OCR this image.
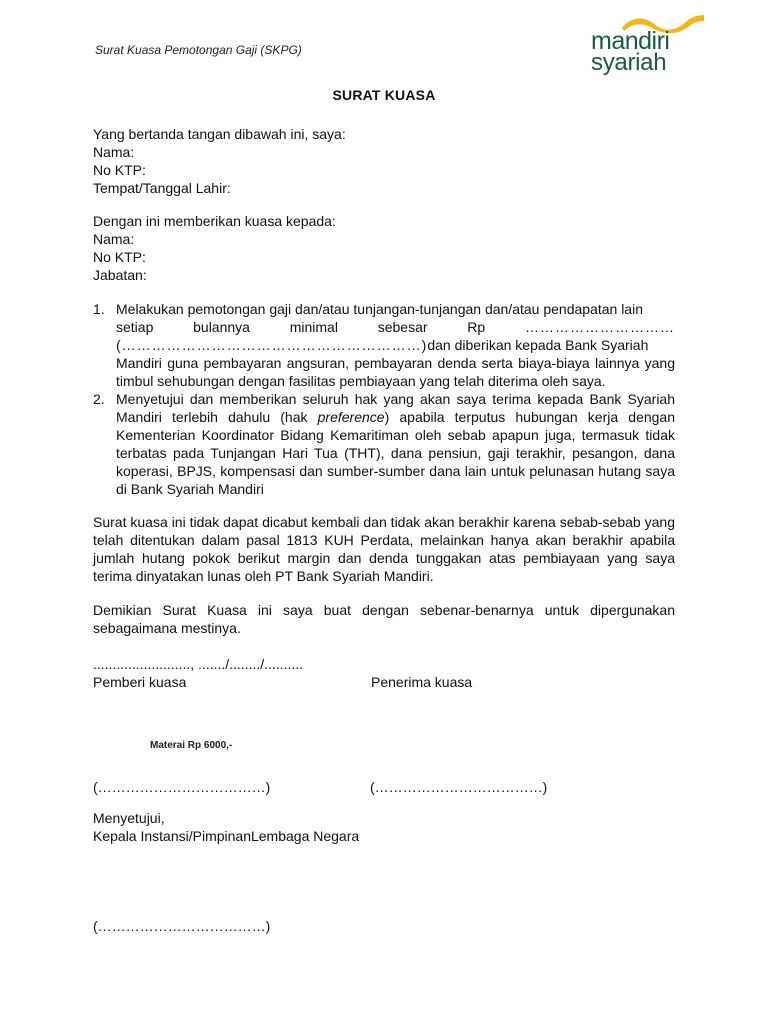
Surat Kuasa Pemotongan Gaji (SKPG)	mandiri
syariah
SURAT KUASA
Yang bertanda tangan dibawah ini, saya:
Nama:
No KTP:
Tempat/Tanggal Lahir:
Dengan ini memberikan kuasa kepada:
Nama:
No KTP:
Jabatan:
1. Melakukan pemotongan gaji dan/atau tunjangan-tunjangan dan/atau pendapatan lain

setiap	bulannya	minimal	sebesar	Rp	…………………………

(……………………………………………………) dan diberikan kepada Bank Syariah

Mandiri guna pembayaran angsuran, pembayaran denda serta biaya-biaya lainnya yang timbul sehubungan dengan fasilitas pembiayaan yang telah diterima oleh saya.

2. Menyetujui dan memberikan seluruh hak yang akan saya terima kepada Bank Syariah Mandiri terlebih dahulu (hak preference) apabila terputus hubungan kerja dengan Kementerian Koordinator Bidang Kemaritiman oleh sebab apapun juga, termasuk tidak terbatas pada Tunjangan Hari Tua (THT), dana pensiun, gaji terakhir, pesangon, dana koperasi, BPJS, kompensasi dan sumber-sumber dana lain untuk pelunasan hutang saya di Bank Syariah Mandiri

Surat kuasa ini tidak dapat dicabut kembali dan tidak akan berakhir karena sebab-sebab yang telah ditentukan dalam pasal 1813 KUH Perdata, melainkan hanya akan berakhir apabila jumlah hutang pokok berikut margin dan denda tunggakan atas pembiayaan yang saya terima dinyatakan lunas oleh PT Bank Syariah Mandiri.

Demikian Surat Kuasa ini saya buat dengan sebenar-benarnya untuk dipergunakan sebagaimana mestinya.

........................., ......./......../..........
Pemberi kuasa	Penerima kuasa
Materai Rp 6000,-
(………………………………)	(………………………………)
Menyetujui,
Kepala Instansi/PimpinanLembaga Negara
(………………………………)
